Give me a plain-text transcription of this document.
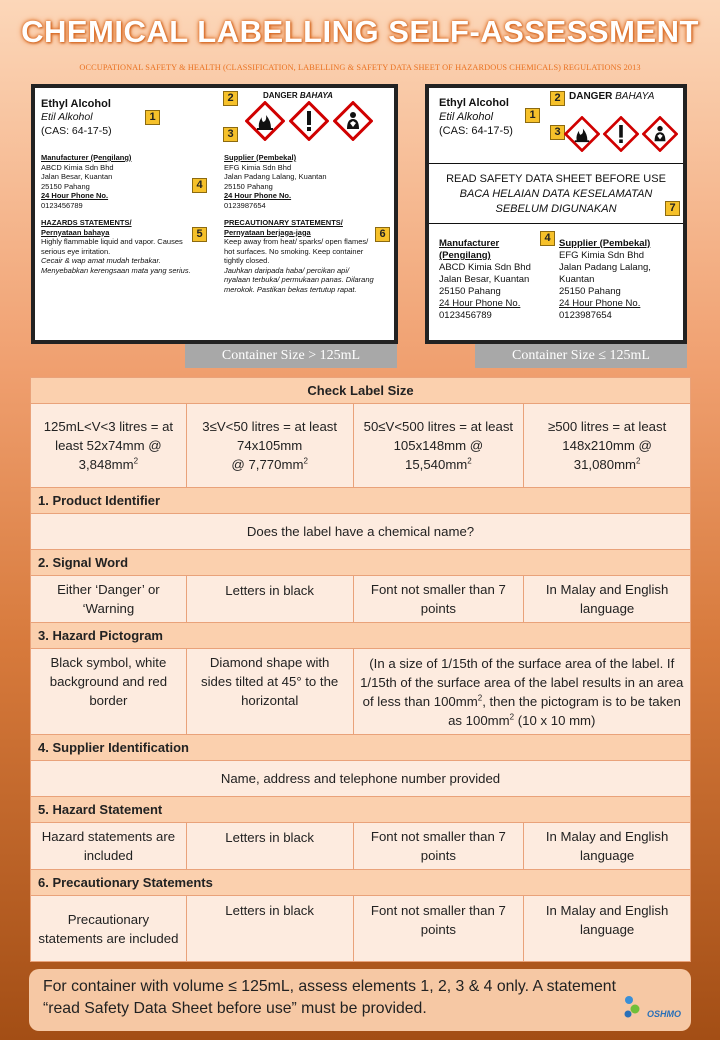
CHEMICAL LABELLING SELF-ASSESSMENT
OCCUPATIONAL SAFETY & HEALTH (CLASSIFICATION, LABELLING & SAFETY DATA SHEET OF HAZARDOUS CHEMICALS) REGULATIONS 2013
Ethyl Alcohol
Etil Alkohol
(CAS: 64-17-5)
1
2	DANGER BAHAYA
3
Manufacturer (Pengilang)
ABCD Kimia Sdn Bhd
Jalan Besar, Kuantan
25150 Pahang
24 Hour Phone No.
0123456789
4
Supplier (Pembekal)
EFG Kimia Sdn Bhd
Jalan Padang Lalang, Kuantan
25150 Pahang
24 Hour Phone No.
0123987654
HAZARDS STATEMENTS/
Pernyataan bahaya
Highly flammable liquid and vapor. Causes serious eye irritation.
Cecair & wap amat mudah terbakar. Menyebabkan kerengsaan mata yang serius.
5
PRECAUTIONARY STATEMENTS/
Pernyataan berjaga-jaga
Keep away from heat/ sparks/ open flames/ hot surfaces. No smoking. Keep container tightly closed.
Jauhkan daripada haba/ percikan api/ nyalaan terbuka/ permukaan panas. Dilarang merokok. Pastikan bekas tertutup rapat.
6
Ethyl Alcohol
Etil Alkohol
(CAS: 64-17-5)
1
2 DANGER BAHAYA
3
READ SAFETY DATA SHEET BEFORE USE
BACA HELAIAN DATA KESELAMATAN
SEBELUM DIGUNAKAN	7
4
Manufacturer
(Pengilang)
ABCD Kimia Sdn Bhd
Jalan Besar, Kuantan
25150 Pahang
24 Hour Phone No.
0123456789
Supplier (Pembekal)
EFG Kimia Sdn Bhd
Jalan Padang Lalang,
Kuantan
25150 Pahang
24 Hour Phone No.
0123987654
Container Size > 125mL	Container Size ≤ 125mL
Check Label Size			
125mL<V<3 litres = at least 52x74mm @
$3,848mm^2$	3≤V<50 litres = at least 74x105mm
@ $7,770mm^2$	50≤V<500 litres = at least 105x148mm @
$15,540mm^2$	≥500 litres = at least 148x210mm @
$31,080mm^2$
1. Product Identifier			
Does the label have a chemical name?			
2. Signal Word			
Either ‘Danger’ or ‘Warning	Letters in black	Font not smaller than 7 points	In Malay and English language
3. Hazard Pictogram			
Black symbol, white background and red border	Diamond shape with sides tilted at 45° to the horizontal	(In a size of 1/15th of the surface area of the label. If 1/15th of the surface area of the label results in an area of less than $100mm^2$, then the pictogram is to be taken as $100mm^2$ (10 x 10 mm)	
4. Supplier Identification			
Name, address and telephone number provided			
5. Hazard Statement			
Hazard statements are included	Letters in black	Font not smaller than 7 points	In Malay and English language
6. Precautionary Statements			
Precautionary statements are included	Letters in black	Font not smaller than 7 points	In Malay and English language
For container with volume ≤ 125mL, assess elements 1, 2, 3 & 4 only. A statement “read Safety Data Sheet before use” must be provided.	OSHMO
